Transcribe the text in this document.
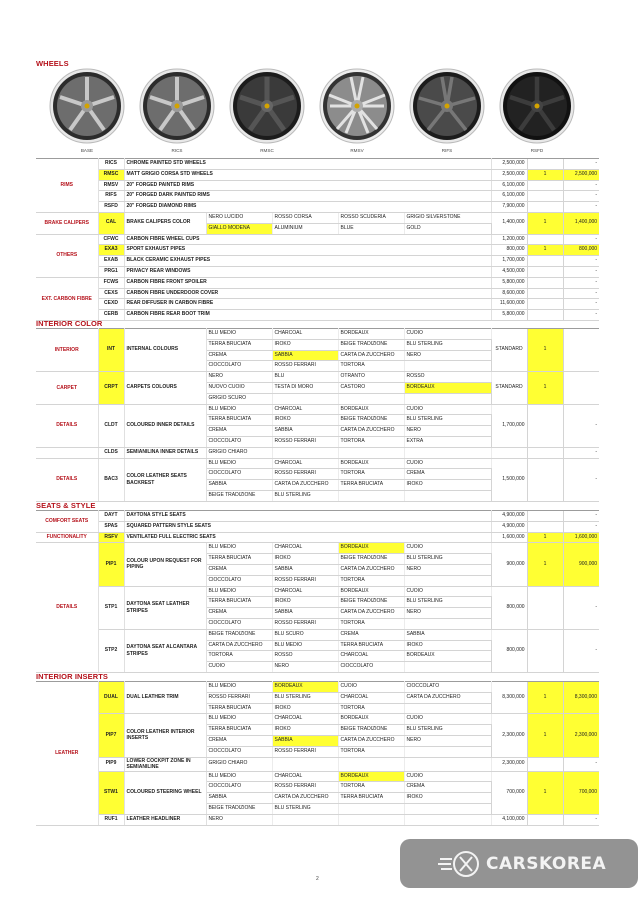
WHEELS
BASE	RICS	RMSC	RMSV	RIFS	RSFD
2
CARSKOREA
RIMS	RICS	CHROME PAINTED STD WHEELS					2,500,000		-
	RMSC	MATT GRIGIO CORSA STD WHEELS					2,500,000	1	2,500,000
	RMSV	20" FORGED PAINTED RIMS					6,100,000		-
	RIFS	20" FORGED DARK PAINTED RIMS					6,100,000		-
	RSFD	20" FORGED DIAMOND RIMS					7,900,000		-
BRAKE CALIPERS	CAL	BRAKE CALIPERS COLOR	NERO LUCIDO	ROSSO CORSA	ROSSO SCUDERIA	GRIGIO SILVERSTONE	1,400,000	1	1,400,000
			GIALLO MODENA	ALUMINIUM	BLUE	GOLD			
OTHERS	CFWC	CARBON FIBRE WHEEL CUPS					1,200,000		-
	EXA3	SPORT EXHAUST PIPES					800,000	1	800,000
	EXAB	BLACK CERAMIC EXHAUST PIPES					1,700,000		-
	PRG1	PRIVACY REAR WINDOWS					4,500,000		-
EXT. CARBON FIBRE	FCWS	CARBON FIBRE FRONT SPOILER					5,800,000		-
	CEXS	CARBON FIBRE UNDERDOOR COVER					8,600,000		-
	CEXD	REAR DIFFUSER IN CARBON FIBRE					11,600,000		-
	CERB	CARBON FIBRE REAR BOOT TRIM					5,800,000		-
INTERIOR COLOR
INTERIOR	INT	INTERNAL COLOURS	BLU MEDIO	CHARCOAL	BORDEAUX	CUOIO	STANDARD	1	
			TERRA BRUCIATA	IROKO	BEIGE TRADIZIONE	BLU STERLING			
			CREMA	SABBIA	CARTA DA ZUCCHERO	NERO			
			CIOCCOLATO	ROSSO FERRARI	TORTORA				
CARPET	CRPT	CARPETS COLOURS	NERO	BLU	OTRANTO	ROSSO	STANDARD	1	
			NUOVO CUOIO	TESTA DI MORO	CASTORO	BORDEAUX			
			GRIGIO SCURO						
DETAILS	CLDT	COLOURED INNER DETAILS	BLU MEDIO	CHARCOAL	BORDEAUX	CUOIO	1,700,000		-
			TERRA BRUCIATA	IROKO	BEIGE TRADIZIONE	BLU STERLING			
			CREMA	SABBIA	CARTA DA ZUCCHERO	NERO			
			CIOCCOLATO	ROSSO FERRARI	TORTORA	EXTRA			
	CLDS	SEMIANILINA INNER DETAILS	GRIGIO CHIARO						-
DETAILS	BAC3	COLOR LEATHER SEATS BACKREST	BLU MEDIO	CHARCOAL	BORDEAUX	CUOIO	1,500,000		-
			CIOCCOLATO	ROSSO FERRARI	TORTORA	CREMA			
			SABBIA	CARTA DA ZUCCHERO	TERRA BRUCIATA	IROKO			
			BEIGE TRADIZIONE	BLU STERLING					
SEATS & STYLE
COMFORT SEATS	DAYT	DAYTONA STYLE SEATS					4,900,000		-
	SPAS	SQUARED PATTERN STYLE SEATS					4,900,000		-
FUNCTIONALITY	RSFV	VENTILATED FULL ELECTRIC SEATS					1,600,000	1	1,600,000
DETAILS	PIP1	COLOUR UPON REQUEST FOR PIPING	BLU MEDIO	CHARCOAL	BORDEAUX	CUOIO	900,000	1	900,000
			TERRA BRUCIATA	IROKO	BEIGE TRADIZIONE	BLU STERLING			
			CREMA	SABBIA	CARTA DA ZUCCHERO	NERO			
			CIOCCOLATO	ROSSO FERRARI	TORTORA				
	STP1	DAYTONA SEAT LEATHER STRIPES	BLU MEDIO	CHARCOAL	BORDEAUX	CUOIO	800,000		-
			TERRA BRUCIATA	IROKO	BEIGE TRADIZIONE	BLU STERLING			
			CREMA	SABBIA	CARTA DA ZUCCHERO	NERO			
			CIOCCOLATO	ROSSO FERRARI	TORTORA				
	STP2	DAYTONA SEAT ALCANTARA STRIPES	BEIGE TRADIZIONE	BLU SCURO	CREMA	SABBIA	800,000		-
			CARTA DA ZUCCHERO	BLU MEDIO	TERRA BRUCIATA	IROKO			
			TORTORA	ROSSO	CHARCOAL	BORDEAUX			
			CUOIO	NERO	CIOCCOLATO				
INTERIOR INSERTS
LEATHER	DUAL	DUAL LEATHER TRIM	BLU MEDIO	BORDEAUX	CUOIO	CIOCCOLATO	8,300,000	1	8,300,000
			ROSSO FERRARI	BLU STERLING	CHARCOAL	CARTA DA ZUCCHERO			
			TERRA BRUCIATA	IROKO	TORTORA				
	PIP7	COLOR LEATHER INTERIOR INSERTS	BLU MEDIO	CHARCOAL	BORDEAUX	CUOIO	2,300,000	1	2,300,000
			TERRA BRUCIATA	IROKO	BEIGE TRADIZIONE	BLU STERLING			
			CREMA	SABBIA	CARTA DA ZUCCHERO	NERO			
			CIOCCOLATO	ROSSO FERRARI	TORTORA				
	PIP9	LOWER COCKPIT ZONE IN SEMIANILINE	GRIGIO CHIARO				2,300,000		-
	STW1	COLOURED STEERING WHEEL	BLU MEDIO	CHARCOAL	BORDEAUX	CUOIO	700,000	1	700,000
			CIOCCOLATO	ROSSO FERRARI	TORTORA	CREMA			
			SABBIA	CARTA DA ZUCCHERO	TERRA BRUCIATA	IROKO			
			BEIGE TRADIZIONE	BLU STERLING					
	RUF1	LEATHER HEADLINER	NERO				4,100,000		-
